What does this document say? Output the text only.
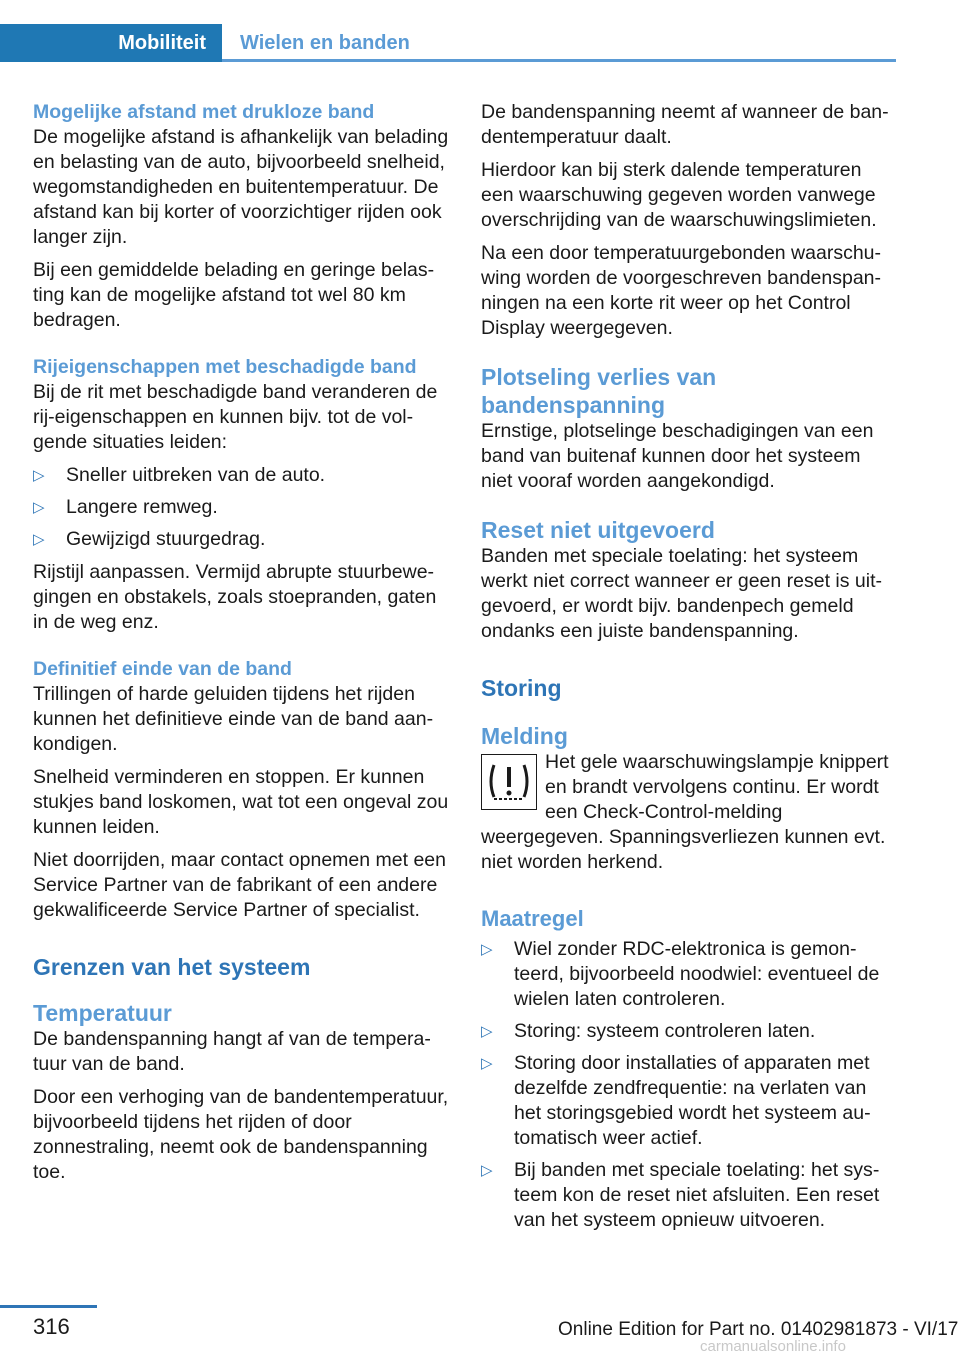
Mobiliteit	Wielen en banden
Mogelijke afstand met drukloze band

De mogelijke afstand is afhankelijk van belading en belasting van de auto, bijvoorbeeld snelheid, wegomstandigheden en buitentemperatuur. De afstand kan bij korter of voorzichtiger rijden ook langer zijn.

Bij een gemiddelde belading en geringe belasting kan de mogelijke afstand tot wel 80 km bedragen.

Rijeigenschappen met beschadigde band

Bij de rit met beschadigde band veranderen de rij-eigenschappen en kunnen bijv. tot de volgende situaties leiden:

▷ Sneller uitbreken van de auto.
▷ Langere remweg.
▷ Gewijzigd stuurgedrag.

Rijstijl aanpassen. Vermijd abrupte stuurbewegingen en obstakels, zoals stoepranden, gaten in de weg enz.

Definitief einde van de band

Trillingen of harde geluiden tijdens het rijden kunnen het definitieve einde van de band aankondigen.

Snelheid verminderen en stoppen. Er kunnen stukjes band loskomen, wat tot een ongeval zou kunnen leiden.

Niet doorrijden, maar contact opnemen met een Service Partner van de fabrikant of een andere gekwalificeerde Service Partner of specialist.

Grenzen van het systeem
Temperatuur

De bandenspanning hangt af van de temperatuur van de band.

Door een verhoging van de bandentemperatuur, bijvoorbeeld tijdens het rijden of door zonnestraling, neemt ook de bandenspanning toe.

De bandenspanning neemt af wanneer de bandentemperatuur daalt.

Hierdoor kan bij sterk dalende temperaturen een waarschuwing gegeven worden vanwege overschrijding van de waarschuwingslimieten.

Na een door temperatuurgebonden waarschuwing worden de voorgeschreven bandenspanningen na een korte rit weer op het Control Display weergegeven.

Plotseling verlies van bandenspanning

Ernstige, plotselinge beschadigingen van een band van buitenaf kunnen door het systeem niet vooraf worden aangekondigd.

Reset niet uitgevoerd

Banden met speciale toelating: het systeem werkt niet correct wanneer er geen reset is uitgevoerd, er wordt bijv. bandenpech gemeld ondanks een juiste bandenspanning.

Storing
Melding

Het gele waarschuwingslampje knippert en brandt vervolgens continu. Er wordt een Check-Control-melding weergegeven. Spanningsverliezen kunnen evt. niet worden herkend.

Maatregel
▷ Wiel zonder RDC-elektronica is gemonteerd, bijvoorbeeld noodwiel: eventueel de wielen laten controleren.
▷ Storing: systeem controleren laten.
▷ Storing door installaties of apparaten met dezelfde zendfrequentie: na verlaten van het storingsgebied wordt het systeem automatisch weer actief.
▷ Bij banden met speciale toelating: het systeem kon de reset niet afsluiten. Een reset van het systeem opnieuw uitvoeren.
316	Online Edition for Part no. 01402981873 - VI/17
carmanualsonline.info
